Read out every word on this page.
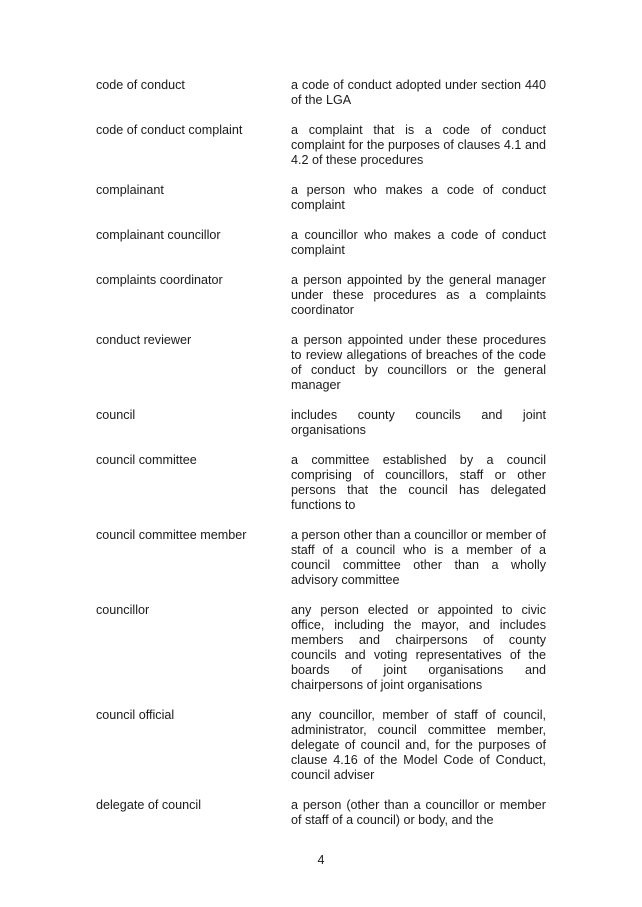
code of conduct	a code of conduct adopted under section 440 of the LGA
code of conduct complaint	a complaint that is a code of conduct complaint for the purposes of clauses 4.1 and 4.2 of these procedures
complainant	a person who makes a code of conduct complaint
complainant councillor	a councillor who makes a code of conduct complaint
complaints coordinator	a person appointed by the general manager under these procedures as a complaints coordinator
conduct reviewer	a person appointed under these procedures to review allegations of breaches of the code of conduct by councillors or the general manager
council	includes county councils and joint organisations
council committee	a committee established by a council comprising of councillors, staff or other persons that the council has delegated functions to
council committee member	a person other than a councillor or member of staff of a council who is a member of a council committee other than a wholly advisory committee
councillor	any person elected or appointed to civic office, including the mayor, and includes members and chairpersons of county councils and voting representatives of the boards of joint organisations and chairpersons of joint organisations
council official	any councillor, member of staff of council, administrator, council committee member, delegate of council and, for the purposes of clause 4.16 of the Model Code of Conduct, council adviser
delegate of council	a person (other than a councillor or member of staff of a council) or body, and the
4
